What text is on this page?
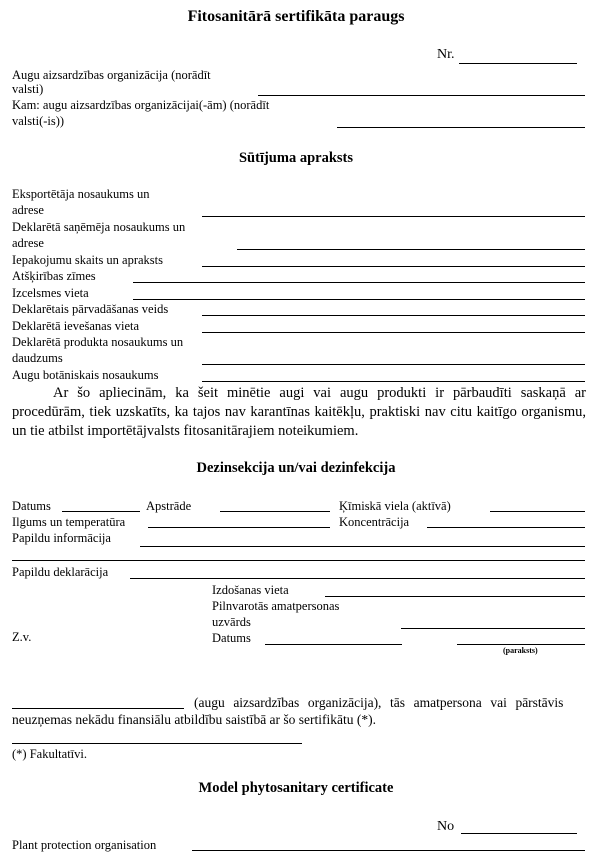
Fitosanitārā sertifikāta paraugs
Nr.
Augu aizsardzības organizācija (norādīt
valsti)
Kam: augu aizsardzības organizācijai(-ām) (norādīt
valsti(-is))
Sūtījuma apraksts
Eksportētāja nosaukums un
adrese
Deklarētā saņēmēja nosaukums un
adrese
Iepakojumu skaits un apraksts
Atšķirības zīmes
Izcelsmes vieta
Deklarētais pārvadāšanas veids
Deklarētā ievešanas vieta
Deklarētā produkta nosaukums un
daudzums
Augu botāniskais nosaukums
Ar šo apliecinām, ka šeit minētie augi vai augu produkti ir pārbaudīti saskaņā ar procedūrām, tiek uzskatīts, ka tajos nav karantīnas kaitēkļu, praktiski nav citu kaitīgo organismu, un tie atbilst importētājvalsts fitosanitārajiem noteikumiem.
Dezinsekcija un/vai dezinfekcija
Datums	Apstrāde	Ķīmiskā viela (aktīvā)
Ilgums un temperatūra	Koncentrācija
Papildu informācija
Papildu deklarācija
Izdošanas vieta
Pilnvarotās amatpersonas
uzvārds
Z.v.	Datums
(paraksts)
(augu aizsardzības organizācija), tās amatpersona vai pārstāvis
neuzņemas nekādu finansiālu atbildību saistībā ar šo sertifikātu (*).
(*) Fakultatīvi.
Model phytosanitary certificate
No
Plant protection organisation
